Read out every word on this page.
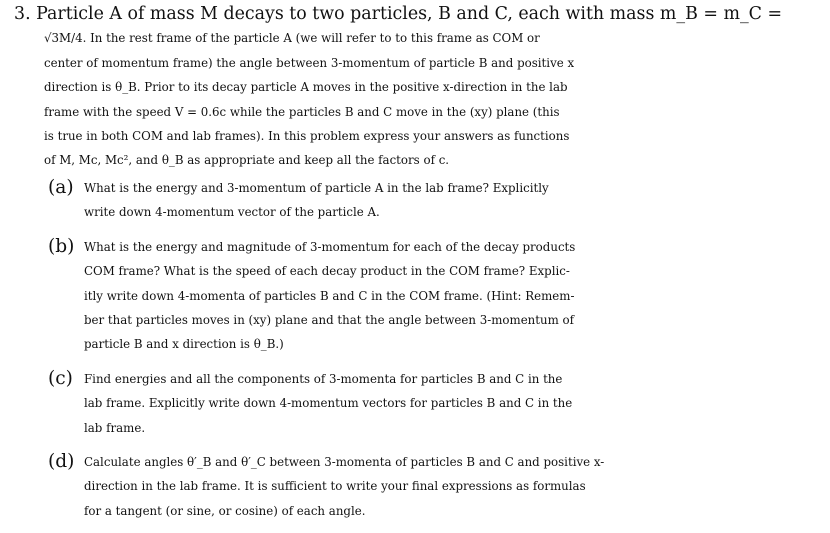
3. Particle A of mass M decays to two particles, B and C, each with mass m_B = m_C =
√3M/4. In the rest frame of the particle A (we will refer to to this frame as COM or
center of momentum frame) the angle between 3-momentum of particle B and positive x
direction is θ_B. Prior to its decay particle A moves in the positive x-direction in the lab
frame with the speed V = 0.6c while the particles B and C move in the (xy) plane (this
is true in both COM and lab frames). In this problem express your answers as functions
of M, Mc, Mc², and θ_B as appropriate and keep all the factors of c.
(a) What is the energy and 3-momentum of particle A in the lab frame? Explicitly
write down 4-momentum vector of the particle A.
(b) What is the energy and magnitude of 3-momentum for each of the decay products
COM frame? What is the speed of each decay product in the COM frame? Explic-
itly write down 4-momenta of particles B and C in the COM frame. (Hint: Remem-
ber that particles moves in (xy) plane and that the angle between 3-momentum of
particle B and x direction is θ_B.)
(c) Find energies and all the components of 3-momenta for particles B and C in the
lab frame. Explicitly write down 4-momentum vectors for particles B and C in the
lab frame.
(d) Calculate angles θ′_B and θ′_C between 3-momenta of particles B and C and positive x-
direction in the lab frame. It is sufficient to write your final expressions as formulas
for a tangent (or sine, or cosine) of each angle.
